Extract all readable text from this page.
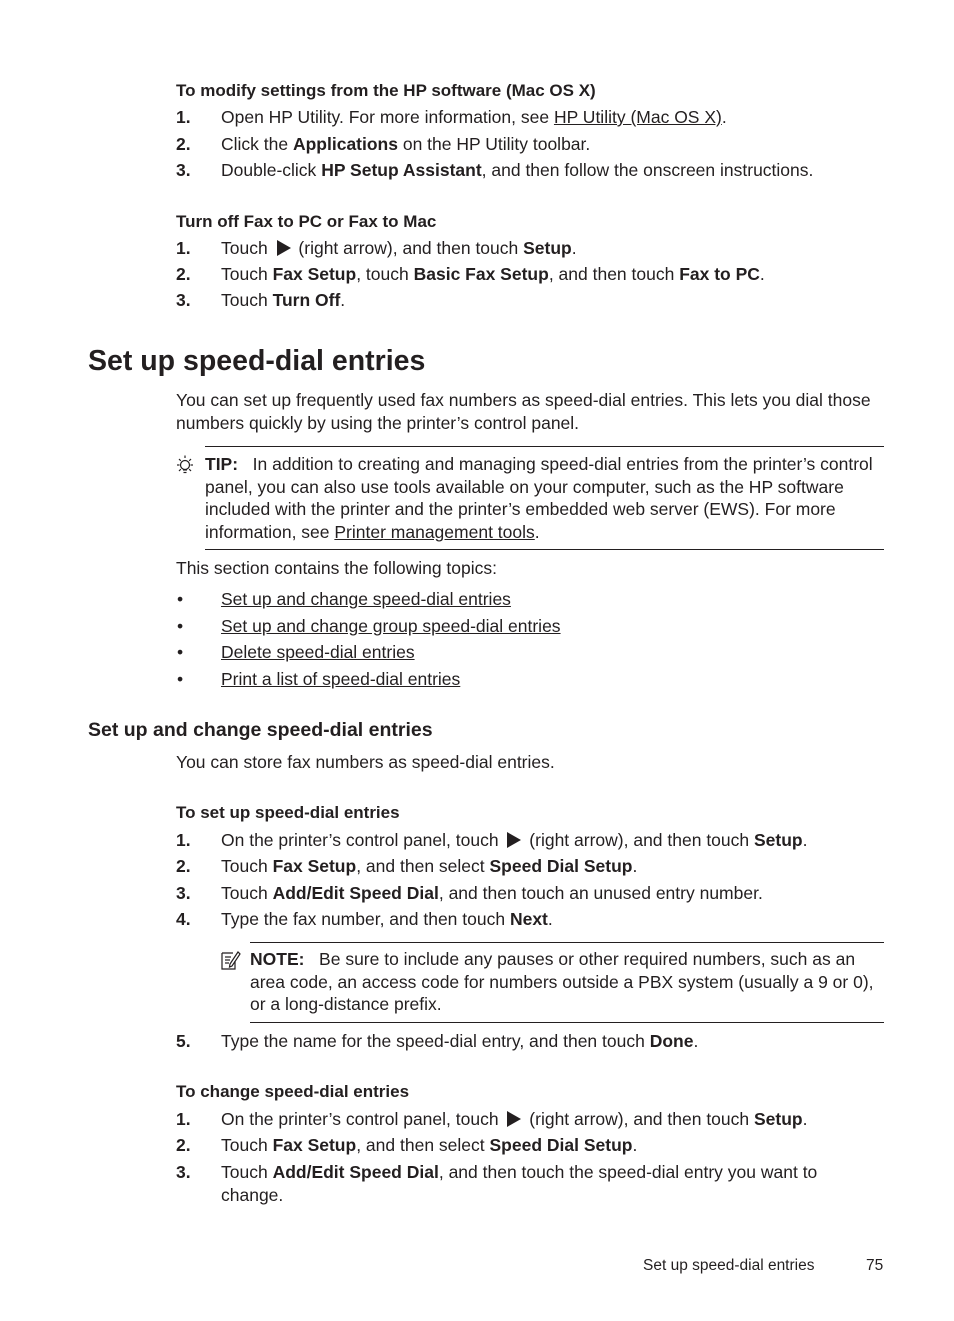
To modify settings from the HP software (Mac OS X)
1. Open HP Utility. For more information, see HP Utility (Mac OS X).
2. Click the Applications on the HP Utility toolbar.
3. Double-click HP Setup Assistant, and then follow the onscreen instructions.
Turn off Fax to PC or Fax to Mac
1. Touch  (right arrow), and then touch Setup.
2. Touch Fax Setup, touch Basic Fax Setup, and then touch Fax to PC.
3. Touch Turn Off.
Set up speed-dial entries
You can set up frequently used fax numbers as speed-dial entries. This lets you dial those numbers quickly by using the printer’s control panel.
TIP: In addition to creating and managing speed-dial entries from the printer’s control panel, you can also use tools available on your computer, such as the HP software included with the printer and the printer’s embedded web server (EWS). For more information, see Printer management tools.
This section contains the following topics:
• Set up and change speed-dial entries
• Set up and change group speed-dial entries
• Delete speed-dial entries
• Print a list of speed-dial entries
Set up and change speed-dial entries
You can store fax numbers as speed-dial entries.
To set up speed-dial entries
1. On the printer’s control panel, touch  (right arrow), and then touch Setup.
2. Touch Fax Setup, and then select Speed Dial Setup.
3. Touch Add/Edit Speed Dial, and then touch an unused entry number.
4. Type the fax number, and then touch Next.
NOTE: Be sure to include any pauses or other required numbers, such as an area code, an access code for numbers outside a PBX system (usually a 9 or 0), or a long-distance prefix.
5. Type the name for the speed-dial entry, and then touch Done.
To change speed-dial entries
1. On the printer’s control panel, touch  (right arrow), and then touch Setup.
2. Touch Fax Setup, and then select Speed Dial Setup.
3. Touch Add/Edit Speed Dial, and then touch the speed-dial entry you want to change.
Set up speed-dial entries	75
